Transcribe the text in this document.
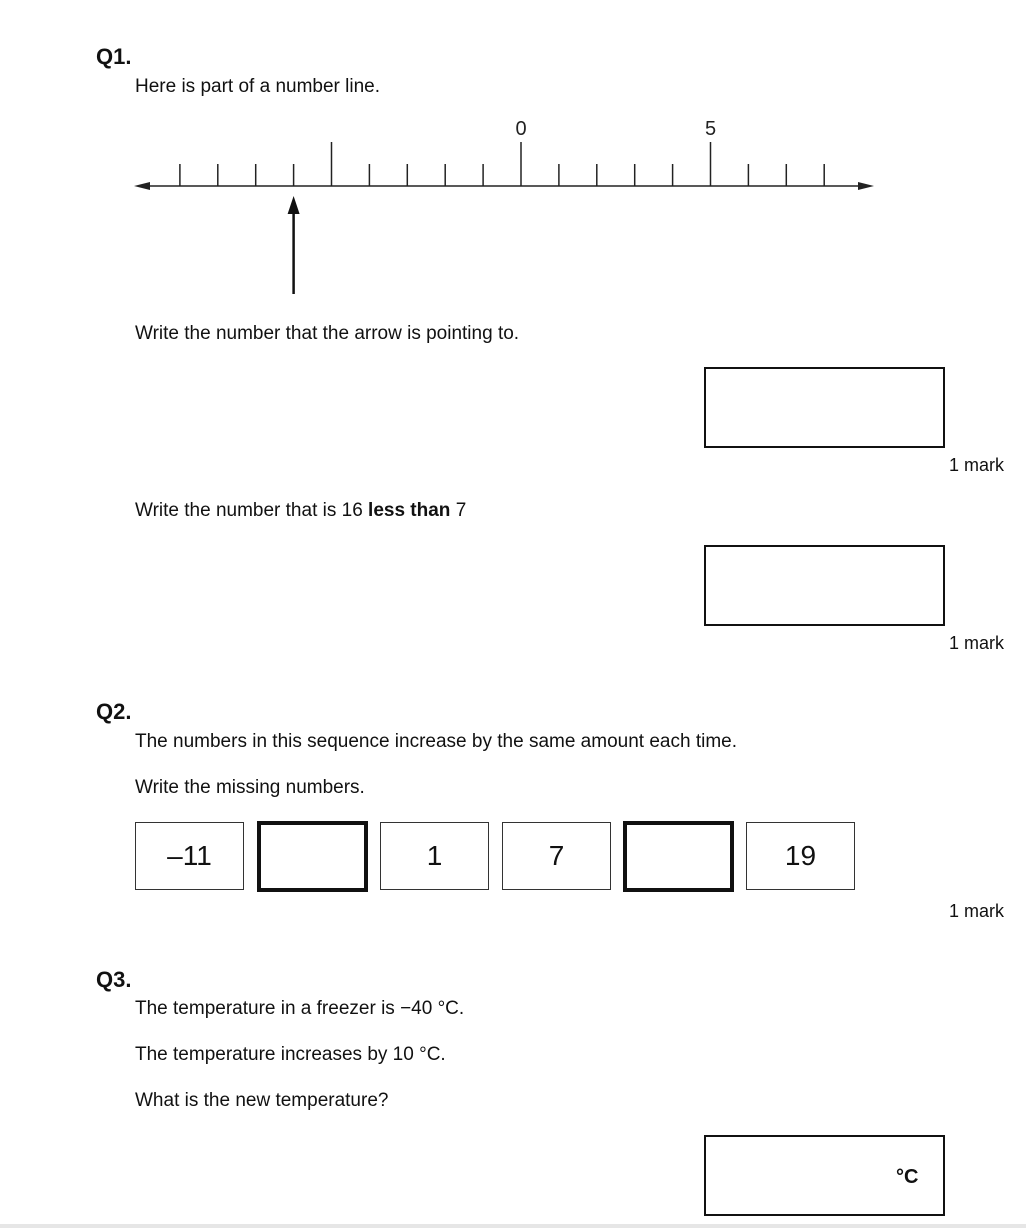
Q1.
Here is part of a number line.
0	5
Write the number that the arrow is pointing to.
1 mark
Write the number that is 16 less than 7
1 mark
Q2.
The numbers in this sequence increase by the same amount each time.
Write the missing numbers.
–11	1	7	19
1 mark
Q3.
The temperature in a freezer is −40 °C.
The temperature increases by 10 °C.
What is the new temperature?
°C
